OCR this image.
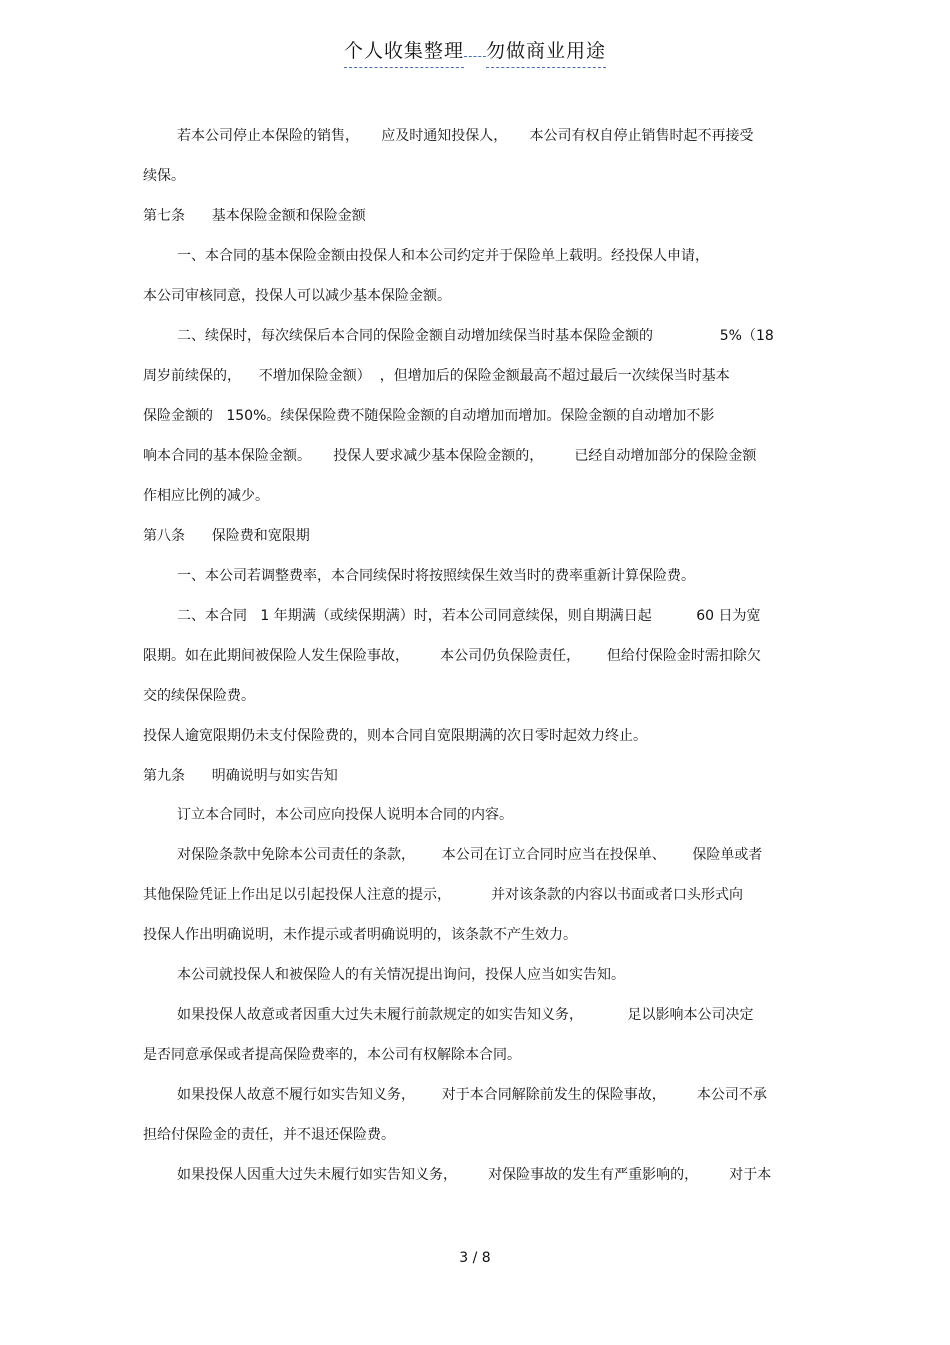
个人收集整理 勿做商业用途
若本公司停止本保险的销售，     应及时通知投保人，     本公司有权自停止销售时起不再接受
续保。
第七条      基本保险金额和保险金额
一、本合同的基本保险金额由投保人和本公司约定并于保险单上载明。经投保人申请，
本公司审核同意，投保人可以减少基本保险金额。
二、续保时，每次续保后本合同的保险金额自动增加续保当时基本保险金额的               5%（18
周岁前续保的，    不增加保险金额）  ，但增加后的保险金额最高不超过最后一次续保当时基本
保险金额的   150%。续保保险费不随保险金额的自动增加而增加。保险金额的自动增加不影
响本合同的基本保险金额。     投保人要求减少基本保险金额的，       已经自动增加部分的保险金额
作相应比例的减少。
第八条      保险费和宽限期
一、本公司若调整费率，本合同续保时将按照续保生效当时的费率重新计算保险费。
二、本合同   1 年期满（或续保期满）时，若本公司同意续保，则自期满日起          60 日为宽
限期。如在此期间被保险人发生保险事故，       本公司仍负保险责任，      但给付保险金时需扣除欠
交的续保保险费。
投保人逾宽限期仍未支付保险费的，则本合同自宽限期满的次日零时起效力终止。
第九条      明确说明与如实告知
订立本合同时，本公司应向投保人说明本合同的内容。
对保险条款中免除本公司责任的条款，      本公司在订立合同时应当在投保单、      保险单或者
其他保险凭证上作出足以引起投保人注意的提示，         并对该条款的内容以书面或者口头形式向
投保人作出明确说明，未作提示或者明确说明的，该条款不产生效力。
本公司就投保人和被保险人的有关情况提出询问，投保人应当如实告知。
如果投保人故意或者因重大过失未履行前款规定的如实告知义务，          足以影响本公司决定
是否同意承保或者提高保险费率的，本公司有权解除本合同。
如果投保人故意不履行如实告知义务，      对于本合同解除前发生的保险事故，       本公司不承
担给付保险金的责任，并不退还保险费。
如果投保人因重大过失未履行如实告知义务，       对保险事故的发生有严重影响的，       对于本
3 / 8
